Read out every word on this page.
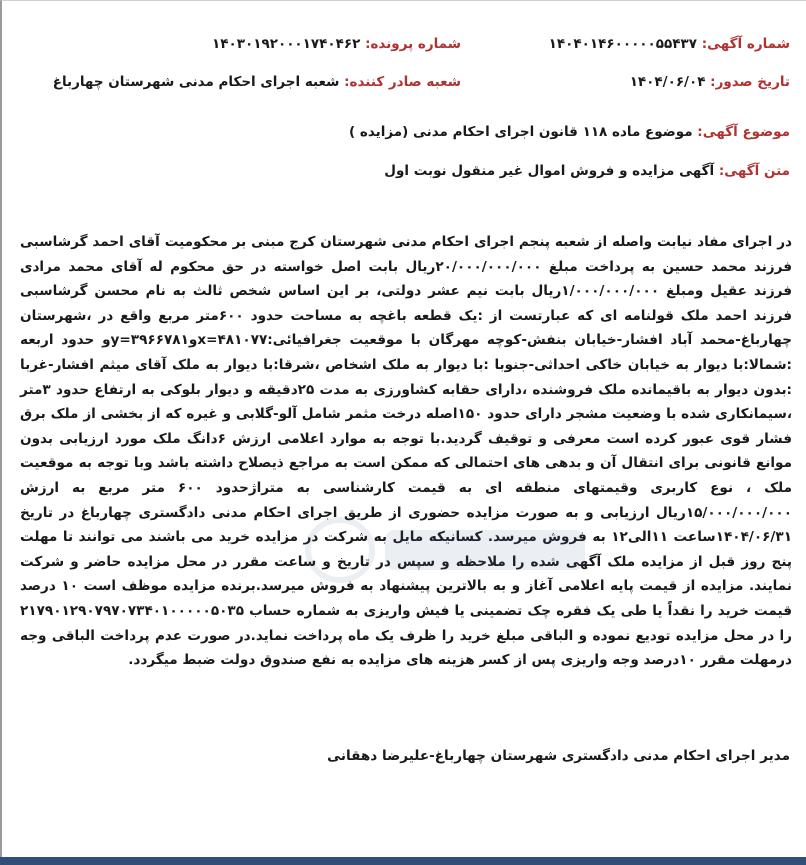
شماره آگهی: ۱۴۰۴۰۱۴۶۰۰۰۰۰۵۵۴۳۷
شماره پرونده: ۱۴۰۳۰۱۹۲۰۰۰۱۷۴۰۴۶۲
تاریخ صدور: ۱۴۰۴/۰۶/۰۴
شعبه صادر کننده: شعبه اجرای احکام مدنی شهرستان چهارباغ
موضوع آگهی: موضوع ماده ۱۱۸ قانون اجرای احکام مدنی (مزایده )
متن آگهی: آگهی مزایده و فروش اموال غیر منقول نوبت اول
در اجرای مفاد نیابت واصله از شعبه پنجم اجرای احکام مدنی شهرستان کرج مبنی بر محکومیت آقای احمد گرشاسبی فرزند محمد حسین به پرداخت مبلغ ۲۰/۰۰۰/۰۰۰/۰۰۰ریال بابت اصل خواسته در حق محکوم له آقای محمد مرادی فرزند عقیل ومبلغ ۱/۰۰۰/۰۰۰/۰۰۰ریال بابت نیم عشر دولتی، بر این اساس شخص ثالث به نام محسن گرشاسبی فرزند احمد ملک قولنامه ای که عبارتست از :یک قطعه باغچه به مساحت حدود ۶۰۰متر مربع واقع در ،شهرستان چهارباغ-محمد آباد افشار-خیابان بنفش-کوچه مهرگان با موقعیت جغرافیائی:x=۴۸۱۰۷۷وy=۳۹۶۶۷۸۱و حدود اربعه :شمالا:با دیوار به خیابان خاکی احداثی-جنوبا :با دیوار به ملک اشخاص ،شرقا:با دیوار به ملک آقای میثم افشار-غربا :بدون دیوار به باقیمانده ملک فروشنده ،دارای حقابه کشاورزی به مدت ۲۵دقیقه و دیوار بلوکی به ارتفاع حدود ۳متر ،سیمانکاری شده با وضعیت مشجر دارای حدود ۱۵۰اصله درخت مثمر شامل آلو-گلابی و غیره که از بخشی از ملک برق فشار قوی عبور کرده است معرفی و توقیف گردید.با توجه به موارد اعلامی ارزش ۶دانگ ملک مورد ارزیابی بدون موانع قانونی برای انتقال آن و بدهی های احتمالی که ممکن است به مراجع ذیصلاح داشته باشد وبا توجه به موقعیت ملک ، نوع کاربری وقیمتهای منطقه ای به قیمت کارشناسی به متراژحدود ۶۰۰ متر مربع به ارزش ۱۵/۰۰۰/۰۰۰/۰۰۰ریال ارزیابی و به صورت مزایده حضوری از طریق اجرای احکام مدنی دادگستری چهارباغ در تاریخ ۱۴۰۴/۰۶/۳۱ساعت ۱۱الی۱۲ به فروش میرسد. کسانیکه مایل به شرکت در مزایده خرید می باشند می توانند تا مهلت پنج روز قبل از مزایده ملک آگهی شده را ملاحظه و سپس در تاریخ و ساعت مقرر در محل مزایده حاضر و شرکت نمایند. مزایده از قیمت پایه اعلامی آغاز و به بالاترین پیشنهاد به فروش میرسد.برنده مزایده موظف است ۱۰ درصد قیمت خرید را نقداً یا طی یک فقره چک تضمینی یا فیش واریزی به شماره حساب ۲۱۷۹۰۱۲۹۰۷۹۷۰۷۳۴۰۱۰۰۰۰۰۵۰۳۵ را در محل مزایده تودیع نموده و الباقی مبلغ خرید را ظرف یک ماه پرداخت نماید.در صورت عدم پرداخت الباقی وجه درمهلت مقرر ۱۰درصد وجه واریزی پس از کسر هزینه های مزایده به نفع صندوق دولت ضبط میگردد.
مدیر اجرای احکام مدنی دادگستری شهرستان چهارباغ-علیرضا دهقانی
